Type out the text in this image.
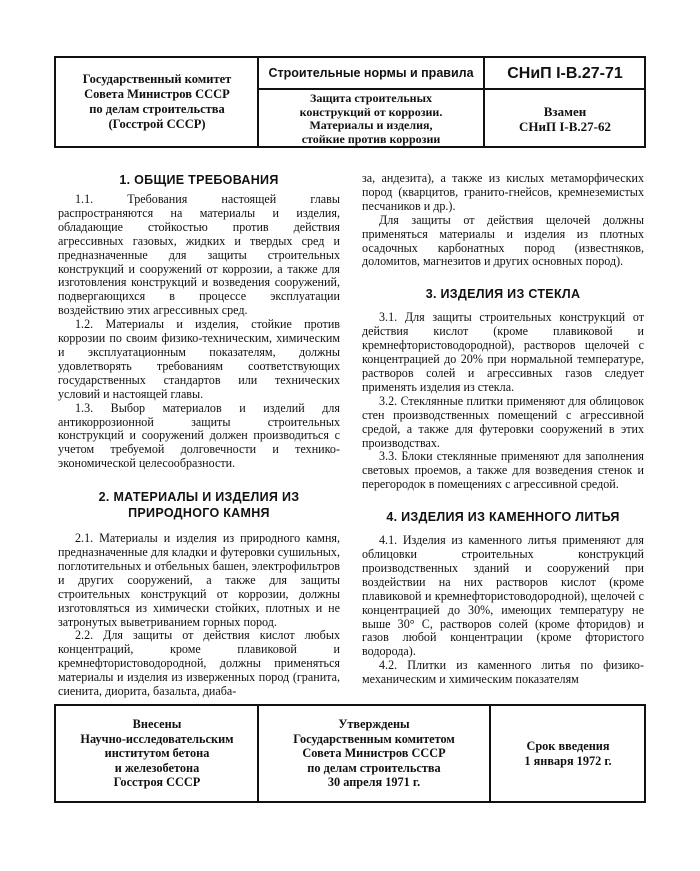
Государственный комитет
Совета Министров СССР
по делам строительства
(Госстрой СССР)
Строительные нормы и правила	СНиП I-В.27-71
Защита строительных
конструкций от коррозии.
Материалы и изделия,
стойкие против коррозии
Взамен
СНиП I-В.27-62
1. ОБЩИЕ ТРЕБОВАНИЯ

1.1. Требования настоящей главы распространяются на материалы и изделия, обладающие стойкостью против действия агрессивных газовых, жидких и твердых сред и предназначенные для защиты строительных конструкций и сооружений от коррозии, а также для изготовления конструкций и возведения сооружений, подвергающихся в процессе эксплуатации воздействию этих агрессивных сред.

1.2. Материалы и изделия, стойкие против коррозии по своим физико-техническим, химическим и эксплуатационным показателям, должны удовлетворять требованиям соответствующих государственных стандартов или технических условий и настоящей главы.

1.3. Выбор материалов и изделий для антикоррозионной защиты строительных конструкций и сооружений должен производиться с учетом требуемой долговечности и технико-экономической целесообразности.

2. МАТЕРИАЛЫ И ИЗДЕЛИЯ ИЗ
ПРИРОДНОГО КАМНЯ

2.1. Материалы и изделия из природного камня, предназначенные для кладки и футеровки сушильных, поглотительных и отбельных башен, электрофильтров и других сооружений, а также для защиты строительных конструкций от коррозии, должны изготовляться из химически стойких, плотных и не затронутых выветриванием горных пород.

2.2. Для защиты от действия кислот любых концентраций, кроме плавиковой и кремнефтористоводородной, должны применяться материалы и изделия из изверженных пород (гранита, сиенита, диорита, базальта, диаба-

за, андезита), а также из кислых метаморфических пород (кварцитов, гранито-гнейсов, кремнеземистых песчаников и др.).

Для защиты от действия щелочей должны применяться материалы и изделия из плотных осадочных карбонатных пород (известняков, доломитов, магнезитов и других основных пород).

3. ИЗДЕЛИЯ ИЗ СТЕКЛА

3.1. Для защиты строительных конструкций от действия кислот (кроме плавиковой и кремнефтористоводородной), растворов щелочей с концентрацией до 20% при нормальной температуре, растворов солей и агрессивных газов следует применять изделия из стекла.

3.2. Стеклянные плитки применяют для облицовок стен производственных помещений с агрессивной средой, а также для футеровки сооружений в этих производствах.

3.3. Блоки стеклянные применяют для заполнения световых проемов, а также для возведения стенок и перегородок в помещениях с агрессивной средой.

4. ИЗДЕЛИЯ ИЗ КАМЕННОГО ЛИТЬЯ

4.1. Изделия из каменного литья применяют для облицовки строительных конструкций производственных зданий и сооружений при воздействии на них растворов кислот (кроме плавиковой и кремнефтористоводородной), щелочей с концентрацией до 30%, имеющих температуру не выше 30° С, растворов солей (кроме фторидов) и газов любой концентрации (кроме фтористого водорода).

4.2. Плитки из каменного литья по физико-механическим и химическим показателям

Внесены
Научно-исследовательским
институтом бетона
и железобетона
Госстроя СССР
Утверждены
Государственным комитетом
Совета Министров СССР
по делам строительства
30 апреля 1971 г.
Срок введения
1 января 1972 г.
